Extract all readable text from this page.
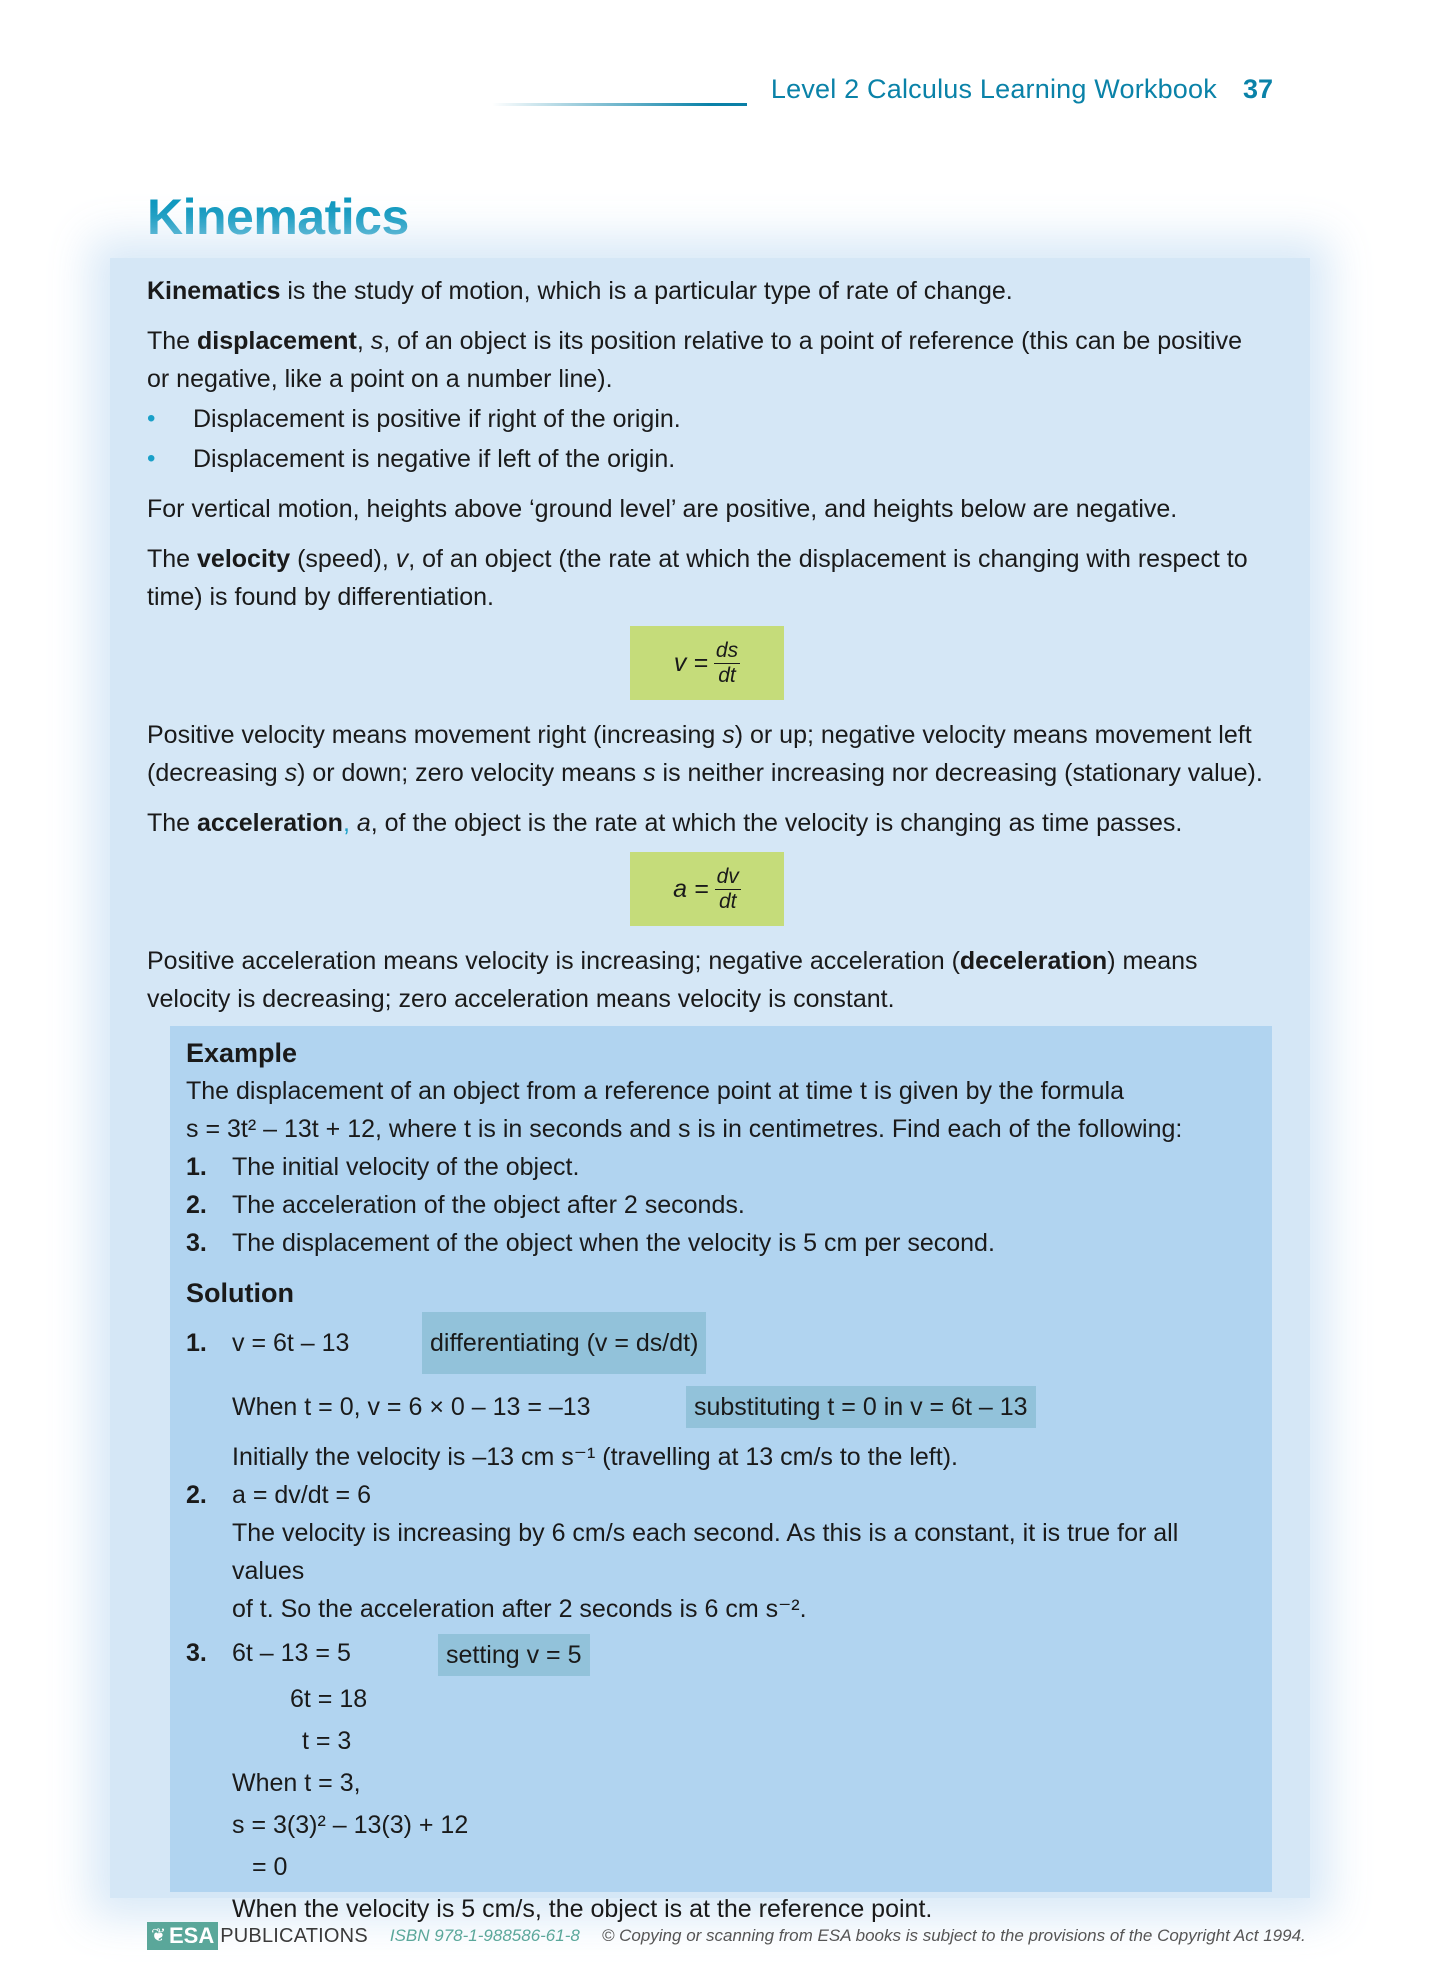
Level 2 Calculus Learning Workbook 37
Kinematics

Kinematics is the study of motion, which is a particular type of rate of change.

The displacement, s, of an object is its position relative to a point of reference (this can be positive or negative, like a point on a number line).

•	Displacement is positive if right of the origin.
•	Displacement is negative if left of the origin.

For vertical motion, heights above ‘ground level’ are positive, and heights below are negative.

The velocity (speed), v, of an object (the rate at which the displacement is changing with respect to time) is found by differentiation.

$v = \frac{ds}{dt}$

Positive velocity means movement right (increasing s) or up; negative velocity means movement left (decreasing s) or down; zero velocity means s is neither increasing nor decreasing (stationary value).

The acceleration, a, of the object is the rate at which the velocity is changing as time passes.

$a = \frac{dv}{dt}$

Positive acceleration means velocity is increasing; negative acceleration (deceleration) means velocity is decreasing; zero acceleration means velocity is constant.

Example
The displacement of an object from a reference point at time t is given by the formula
s = 3t² – 13t + 12, where t is in seconds and s is in centimetres. Find each of the following:
1.	The initial velocity of the object.
2.	The acceleration of the object after 2 seconds.
3.	The displacement of the object when the velocity is 5 cm per second.
Solution
1.	v = 6t – 13	differentiating (v = ds/dt)
When t = 0, v = 6 × 0 – 13 = –13	substituting t = 0 in v = 6t – 13
Initially the velocity is –13 cm s⁻¹ (travelling at 13 cm/s to the left).
2.	a = dv/dt = 6
The velocity is increasing by 6 cm/s each second. As this is a constant, it is true for all values
of t. So the acceleration after 2 seconds is 6 cm s⁻².
3.	6t – 13 = 5	setting v = 5
6t = 18
t = 3
When t = 3,
s = 3(3)² – 13(3) + 12
= 0
When the velocity is 5 cm/s, the object is at the reference point.
❦ ESA PUBLICATIONS ISBN 978-1-988586-61-8 © Copying or scanning from ESA books is subject to the provisions of the Copyright Act 1994.
